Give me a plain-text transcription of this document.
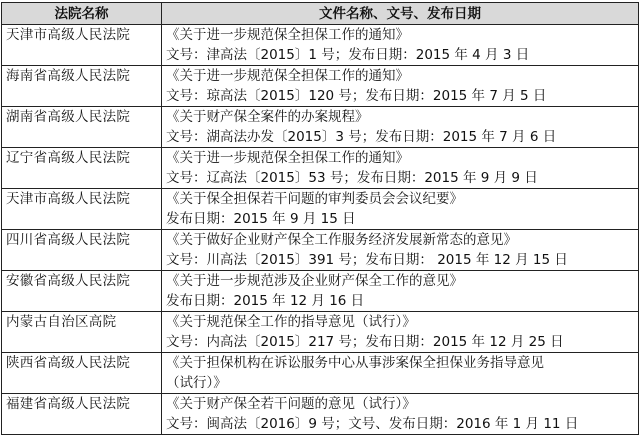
法院名称	文件名称、文号、发布日期
天津市高级人民法院	《关于进一步规范保全担保工作的通知》
文号：津高法〔2015〕1 号；发布日期：2015 年 4 月 3 日

海南省高级人民法院	《关于进一步规范保全担保工作的通知》
文号：琼高法〔2015〕120 号；发布日期：2015 年 7 月 5 日

湖南省高级人民法院	《关于财产保全案件的办案规程》
文号：湖高法办发〔2015〕3 号；发布日期：2015 年 7 月 6 日

辽宁省高级人民法院	《关于进一步规范保全担保工作的通知》
文号：辽高法〔2015〕53 号；发布日期：2015 年 9 月 9 日

天津市高级人民法院	《关于保全担保若干问题的审判委员会会议纪要》
发布日期：2015 年 9 月 15 日

四川省高级人民法院	《关于做好企业财产保全工作服务经济发展新常态的意见》
文号：川高法〔2015〕391 号；发布日期： 2015 年 12 月 15 日

安徽省高级人民法院	《关于进一步规范涉及企业财产保全工作的意见》
发布日期：2015 年 12 月 16 日

内蒙古自治区高院	《关于规范保全工作的指导意见（试行）》
文号：内高法〔2015〕217 号；发布日期：2015 年 12 月 25 日

陕西省高级人民法院	《关于担保机构在诉讼服务中心从事涉案保全担保业务指导意见
（试行）》

福建省高级人民法院	《关于财产保全若干问题的意见（试行）》
文号：闽高法〔2016〕9 号；文号、发布日期：2016 年 1 月 11 日
